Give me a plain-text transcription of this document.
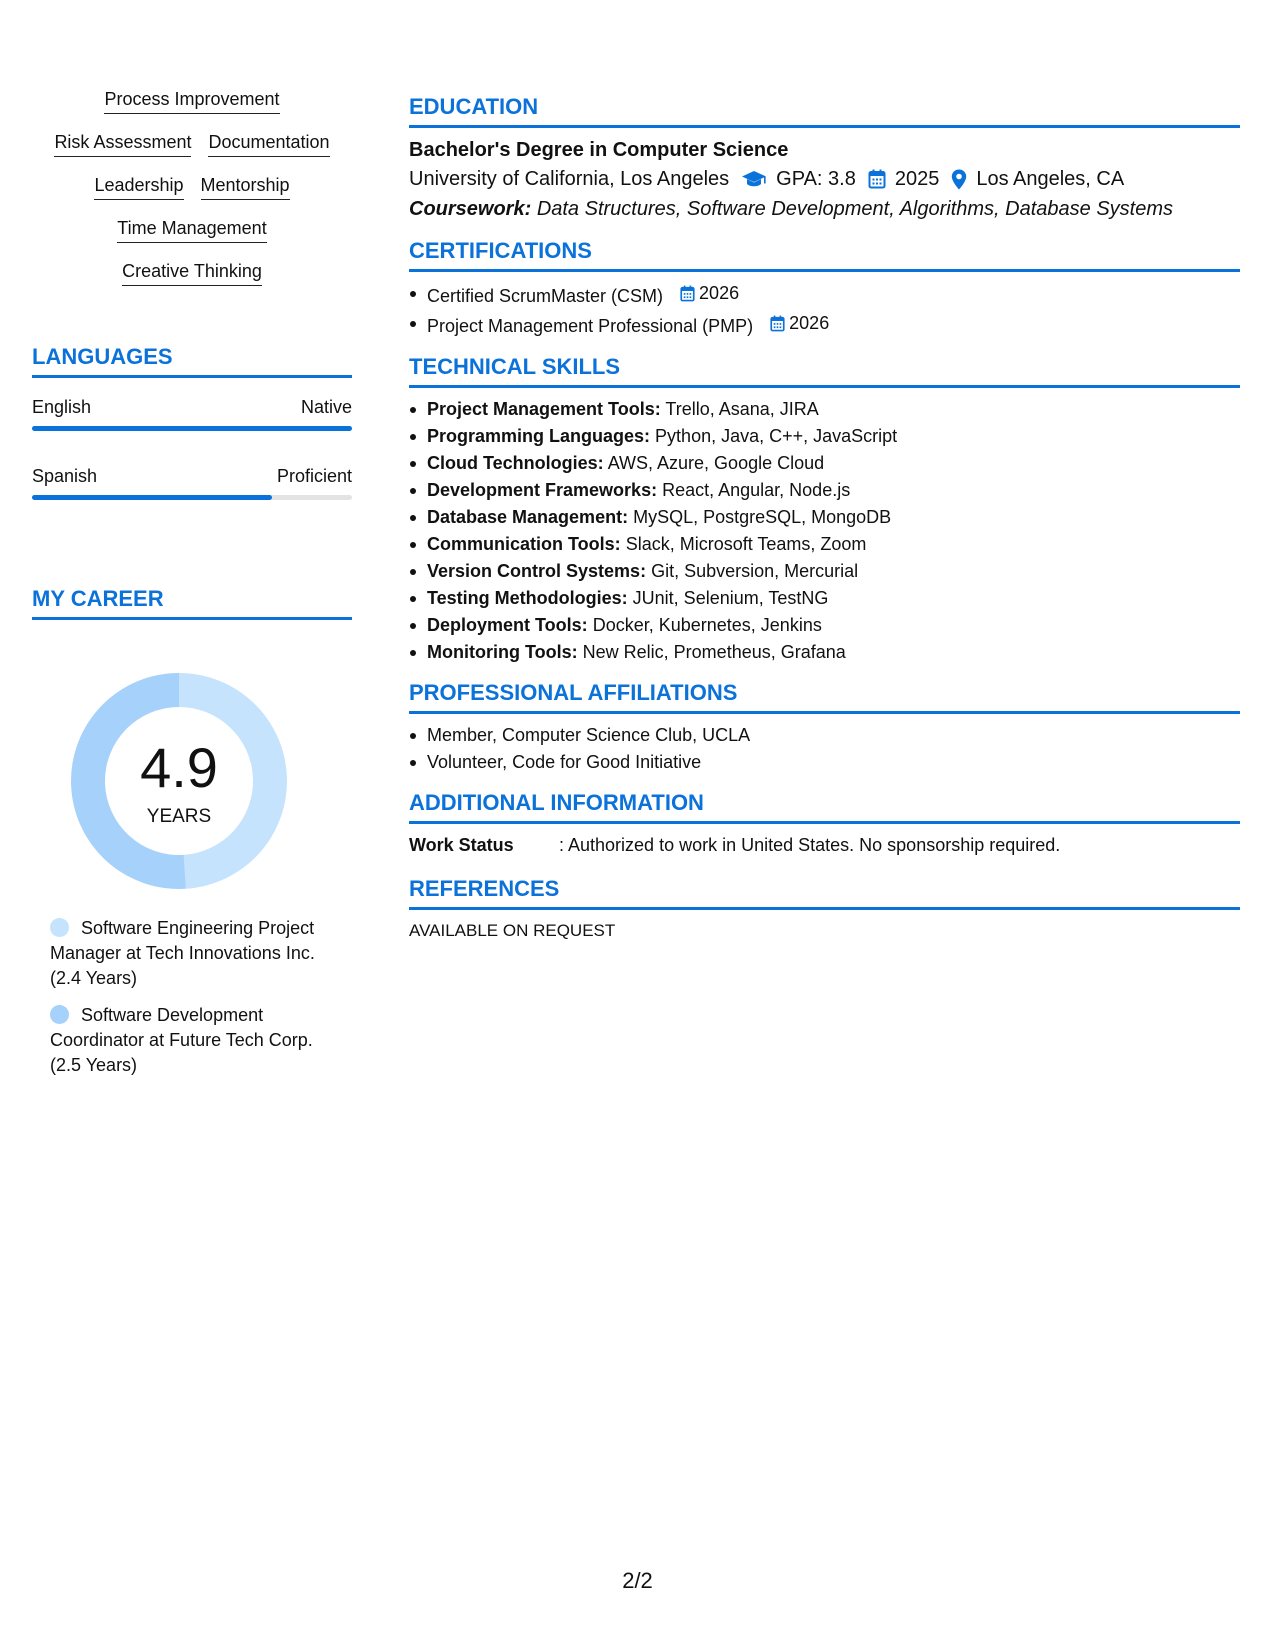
Process Improvement
Risk Assessment Documentation
Leadership Mentorship
Time Management
Creative Thinking
LANGUAGES
English	Native
Spanish	Proficient
MY CAREER
4.9
YEARS
Software Engineering Project Manager at Tech Innovations Inc. (2.4 Years)
Software Development Coordinator at Future Tech Corp. (2.5 Years)
EDUCATION
Bachelor's Degree in Computer Science
University of California, Los Angeles GPA: 3.8 2025 Los Angeles, CA
Coursework: Data Structures, Software Development, Algorithms, Database Systems
CERTIFICATIONS
Certified ScrumMaster (CSM) 2026
Project Management Professional (PMP) 2026
TECHNICAL SKILLS
Project Management Tools: Trello, Asana, JIRA
Programming Languages: Python, Java, C++, JavaScript
Cloud Technologies: AWS, Azure, Google Cloud
Development Frameworks: React, Angular, Node.js
Database Management: MySQL, PostgreSQL, MongoDB
Communication Tools: Slack, Microsoft Teams, Zoom
Version Control Systems: Git, Subversion, Mercurial
Testing Methodologies: JUnit, Selenium, TestNG
Deployment Tools: Docker, Kubernetes, Jenkins
Monitoring Tools: New Relic, Prometheus, Grafana
PROFESSIONAL AFFILIATIONS
Member, Computer Science Club, UCLA
Volunteer, Code for Good Initiative
ADDITIONAL INFORMATION
Work Status	: Authorized to work in United States. No sponsorship required.
REFERENCES
AVAILABLE ON REQUEST
2/2
